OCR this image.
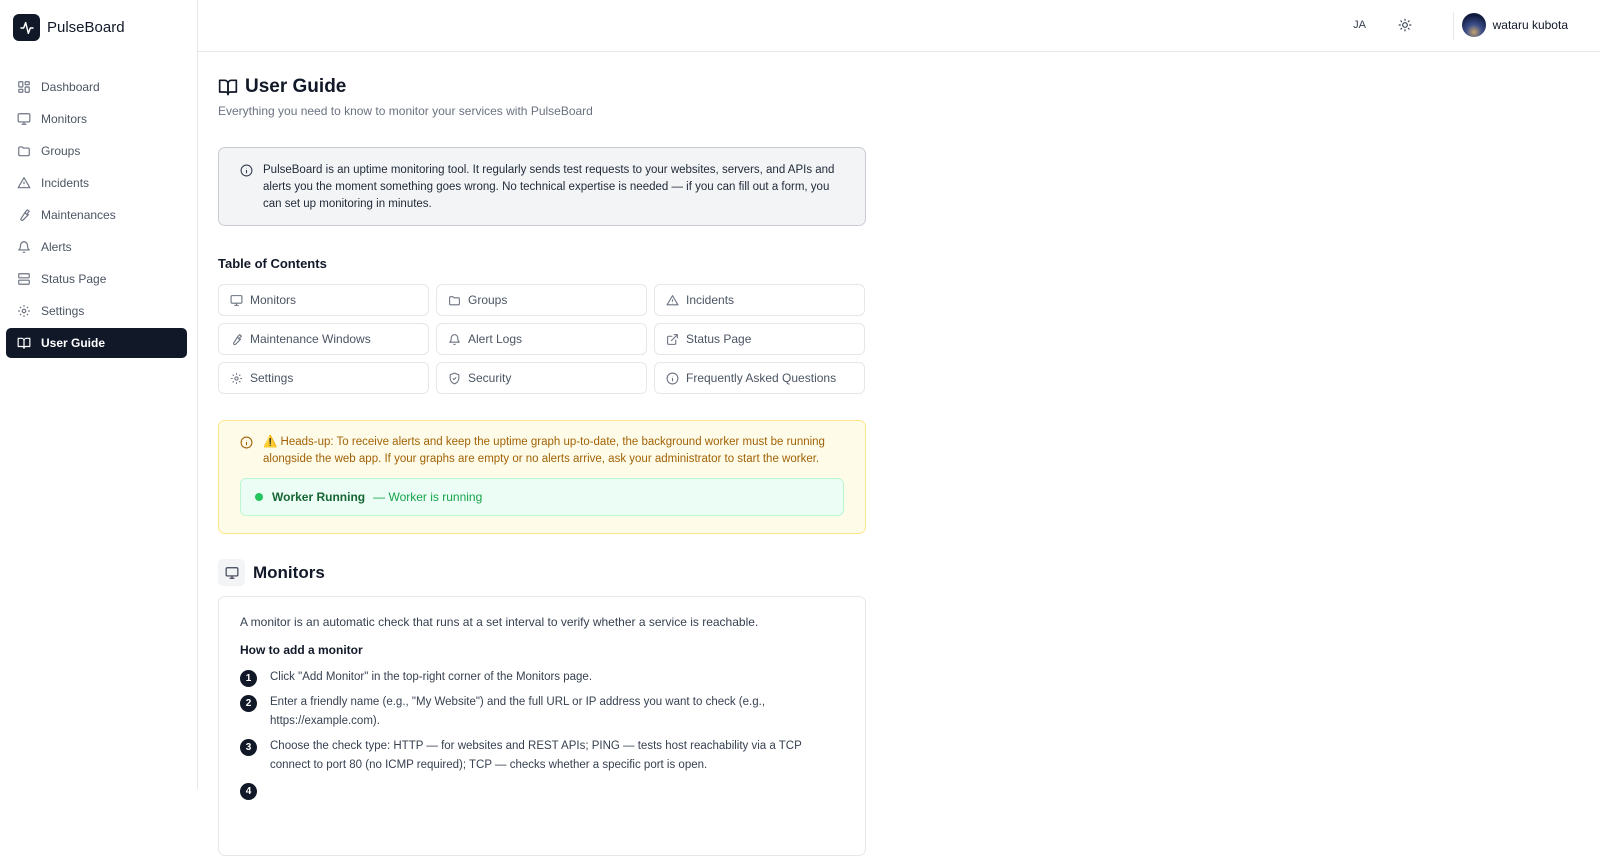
PulseBoard
Dashboard
Monitors
Groups
Incidents
Maintenances
Alerts
Status Page
Settings
User Guide
JA	wataru kubota
User Guide

Everything you need to know to monitor your services with PulseBoard

PulseBoard is an uptime monitoring tool. It regularly sends test requests to your websites, servers, and APIs and alerts you the moment something goes wrong. No technical expertise is needed — if you can fill out a form, you can set up monitoring in minutes.

Table of Contents
Monitors	Groups	Incidents
Maintenance Windows	Alert Logs	Status Page
Settings	Security	Frequently Asked Questions

⚠️ Heads-up: To receive alerts and keep the uptime graph up-to-date, the background worker must be running alongside the web app. If your graphs are empty or no alerts arrive, ask your administrator to start the worker.

Worker Running — Worker is running
Monitors

A monitor is an automatic check that runs at a set interval to verify whether a service is reachable.

How to add a monitor
1	Click "Add Monitor" in the top-right corner of the Monitors page.
2	Enter a friendly name (e.g., "My Website") and the full URL or IP address you want to check (e.g., https://example.com).
3	Choose the check type: HTTP — for websites and REST APIs; PING — tests host reachability via a TCP connect to port 80 (no ICMP required); TCP — checks whether a specific port is open.
4
